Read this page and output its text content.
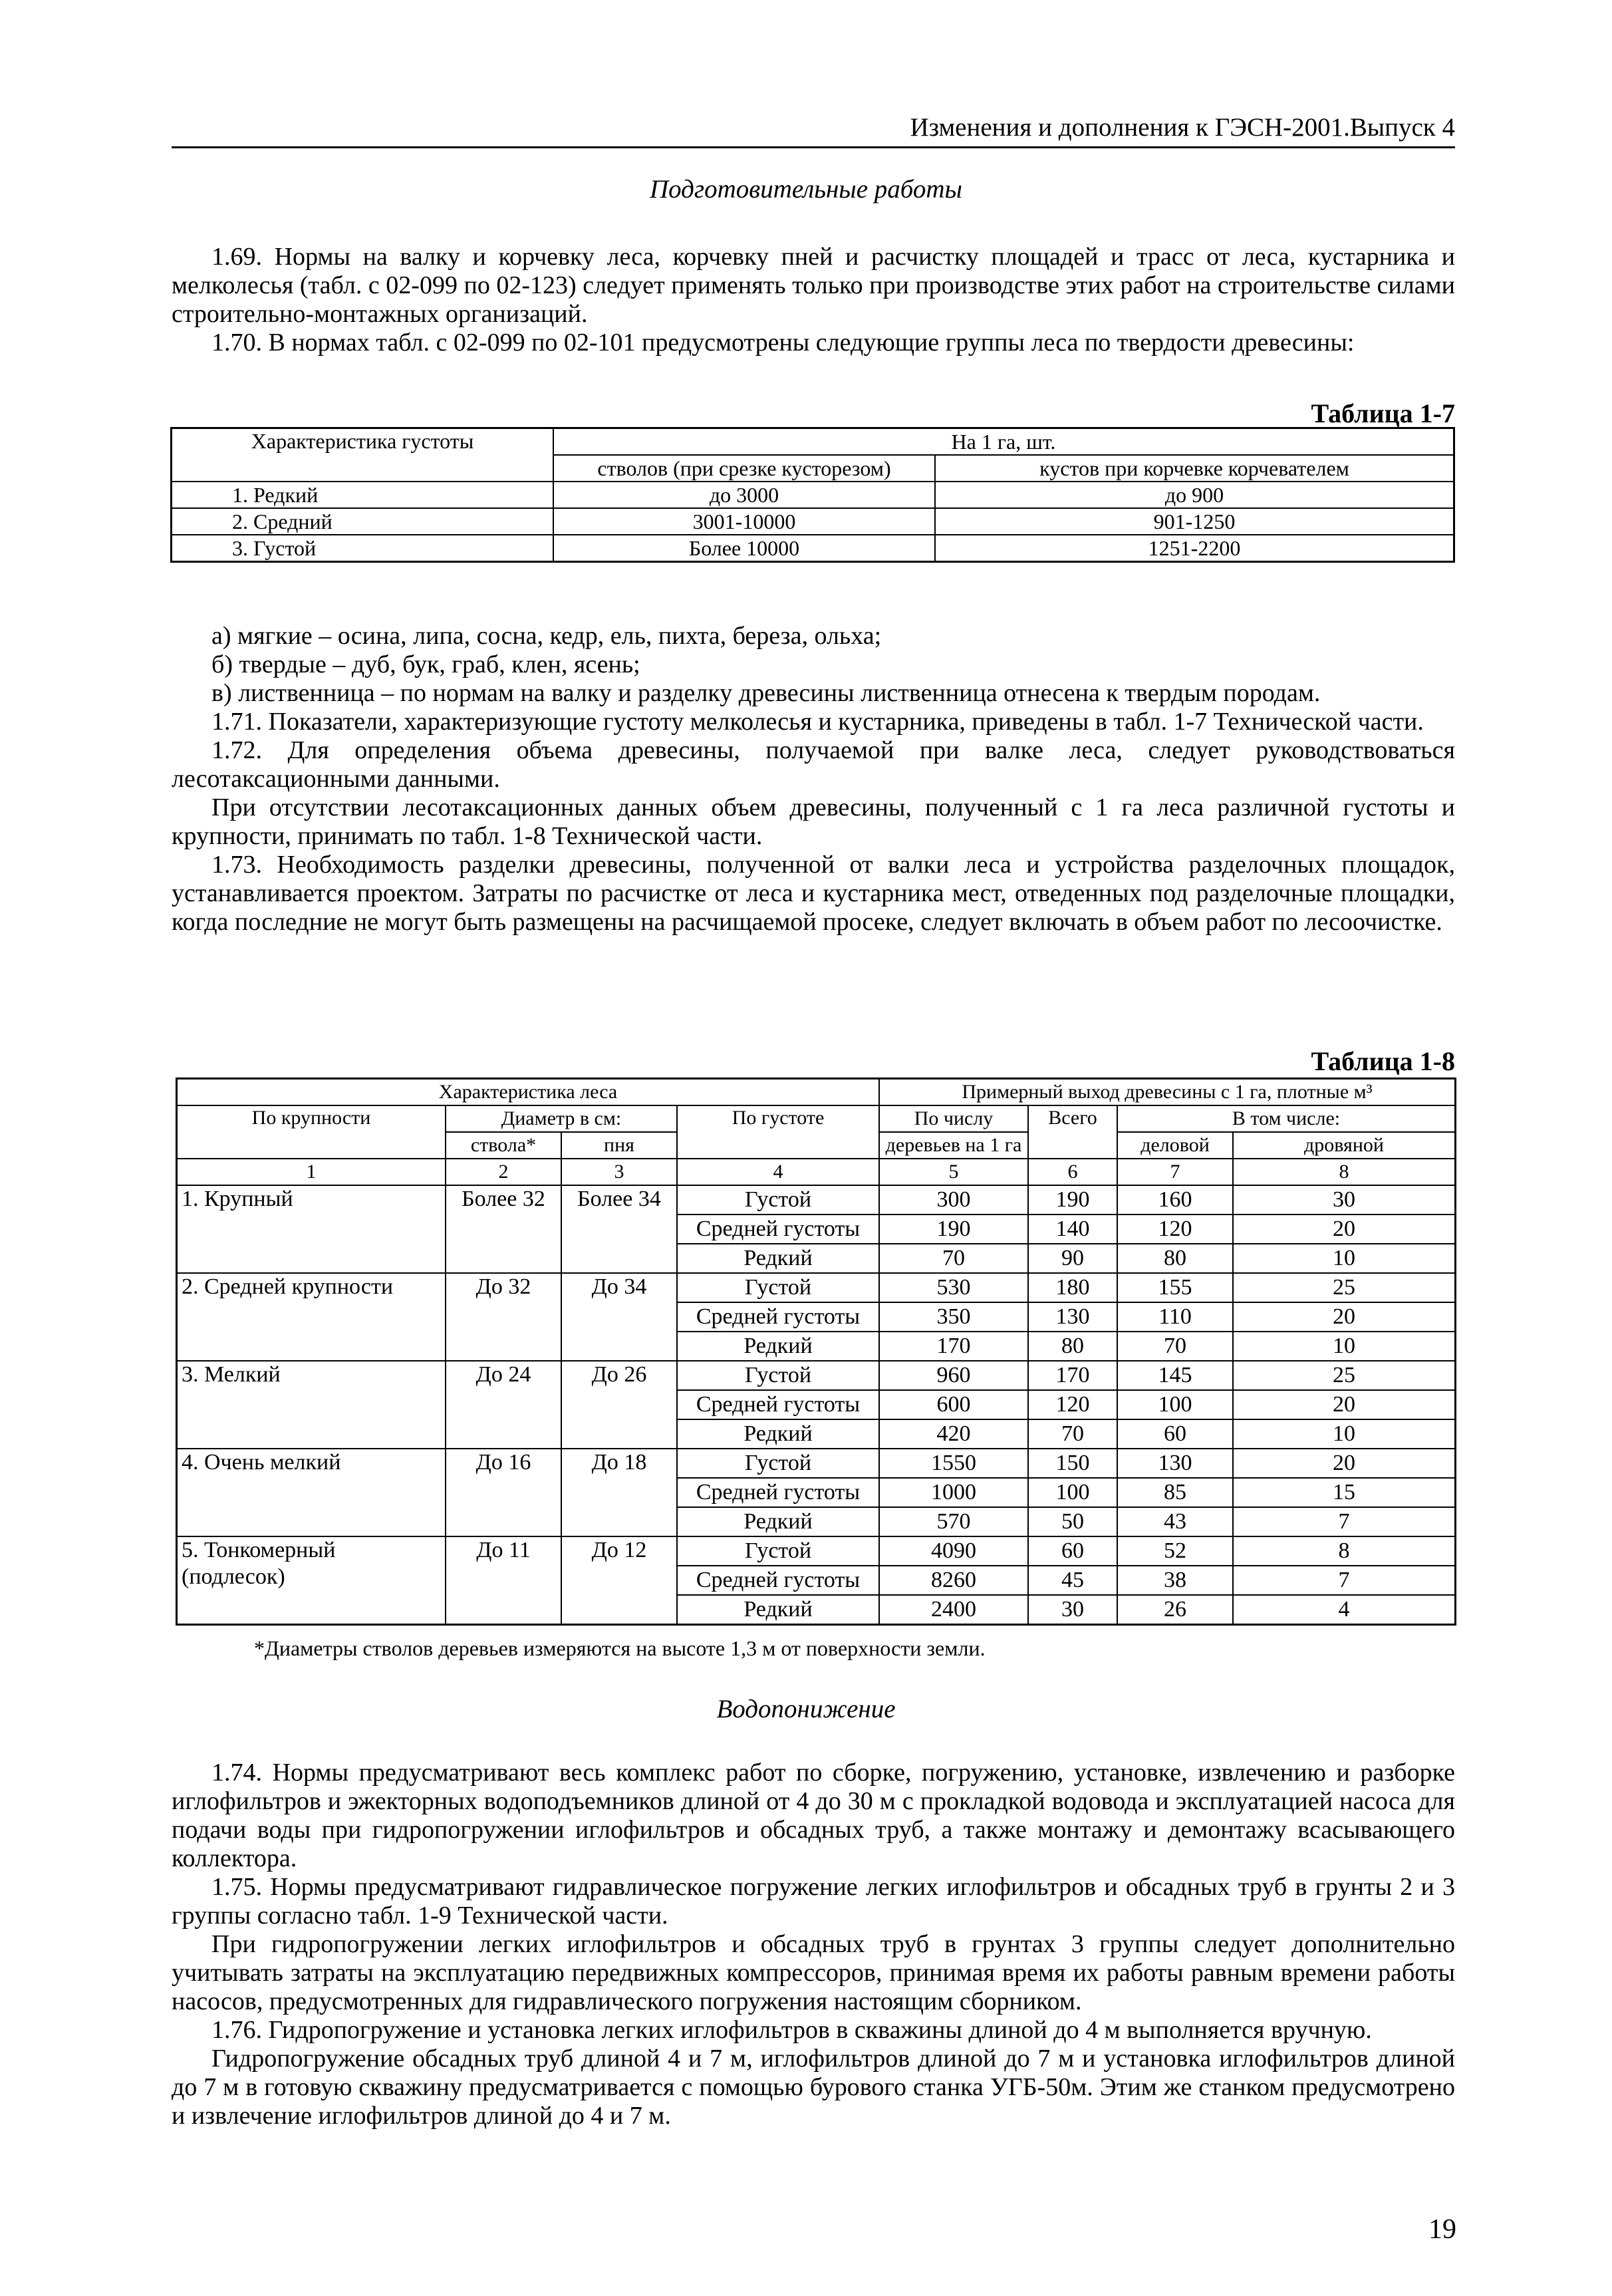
Изменения и дополнения к ГЭСН-2001.Выпуск 4
Подготовительные работы

1.69. Нормы на валку и корчевку леса, корчевку пней и расчистку площадей и трасс от леса, кустарника и мелколесья (табл. с 02-099 по 02-123) следует применять только при производстве этих работ на строительстве силами строительно-монтажных организаций.

1.70. В нормах табл. с 02-099 по 02-101 предусмотрены следующие группы леса по твердости древесины:

Таблица 1-7
Характеристика густоты	На 1 га, шт.	
	стволов (при срезке кусторезом)	кустов при корчевке корчевателем
1. Редкий	до 3000	до 900
2. Средний	3001-10000	901-1250
3. Густой	Более 10000	1251-2200

а) мягкие – осина, липа, сосна, кедр, ель, пихта, береза, ольха;

б) твердые – дуб, бук, граб, клен, ясень;

в) лиственница – по нормам на валку и разделку древесины лиственница отнесена к твердым породам.

1.71. Показатели, характеризующие густоту мелколесья и кустарника, приведены в табл. 1-7 Технической части.

1.72. Для определения объема древесины, получаемой при валке леса, следует руководствоваться лесотаксационными данными.

При отсутствии лесотаксационных данных объем древесины, полученный с 1 га леса различной густоты и крупности, принимать по табл. 1-8 Технической части.

1.73. Необходимость разделки древесины, полученной от валки леса и устройства разделочных площадок, устанавливается проектом. Затраты по расчистке от леса и кустарника мест, отведенных под разделочные площадки, когда последние не могут быть размещены на расчищаемой просеке, следует включать в объем работ по лесоочистке.

Таблица 1-8
Характеристика леса				Примерный выход древесины с 1 га, плотные м³			
По крупности	Диаметр в см:		По густоте	По числу	Всего	В том числе:	
	ствола*	пня		деревьев на 1 га		деловой	дровяной
1	2	3	4	5	6	7	8

1. Крупный	Более 32	Более 34	Густой	300	190	160	30
			Средней густоты	190	140	120	20
			Редкий	70	90	80	10

2. Средней крупности	До 32	До 34	Густой	530	180	155	25
			Средней густоты	350	130	110	20
			Редкий	170	80	70	10

3. Мелкий	До 24	До 26	Густой	960	170	145	25
			Средней густоты	600	120	100	20
			Редкий	420	70	60	10

4. Очень мелкий	До 16	До 18	Густой	1550	150	130	20
			Средней густоты	1000	100	85	15
			Редкий	570	50	43	7

5. Тонкомерный
(подлесок)	До 11	До 12	Густой	4090	60	52	8
			Средней густоты	8260	45	38	7
			Редкий	2400	30	26	4
*Диаметры стволов деревьев измеряются на высоте 1,3 м от поверхности земли.
Водопонижение

1.74. Нормы предусматривают весь комплекс работ по сборке, погружению, установке, извлечению и разборке иглофильтров и эжекторных водоподъемников длиной от 4 до 30 м с прокладкой водовода и эксплуатацией насоса для подачи воды при гидропогружении иглофильтров и обсадных труб, а также монтажу и демонтажу всасывающего коллектора.

1.75. Нормы предусматривают гидравлическое погружение легких иглофильтров и обсадных труб в грунты 2 и 3 группы согласно табл. 1-9 Технической части.

При гидропогружении легких иглофильтров и обсадных труб в грунтах 3 группы следует дополнительно учитывать затраты на эксплуатацию передвижных компрессоров, принимая время их работы равным времени работы насосов, предусмотренных для гидравлического погружения настоящим сборником.

1.76. Гидропогружение и установка легких иглофильтров в скважины длиной до 4 м выполняется вручную.

Гидропогружение обсадных труб длиной 4 и 7 м, иглофильтров длиной до 7 м и установка иглофильтров длиной до 7 м в готовую скважину предусматривается с помощью бурового станка УГБ-50м. Этим же станком предусмотрено и извлечение иглофильтров длиной до 4 и 7 м.

19
